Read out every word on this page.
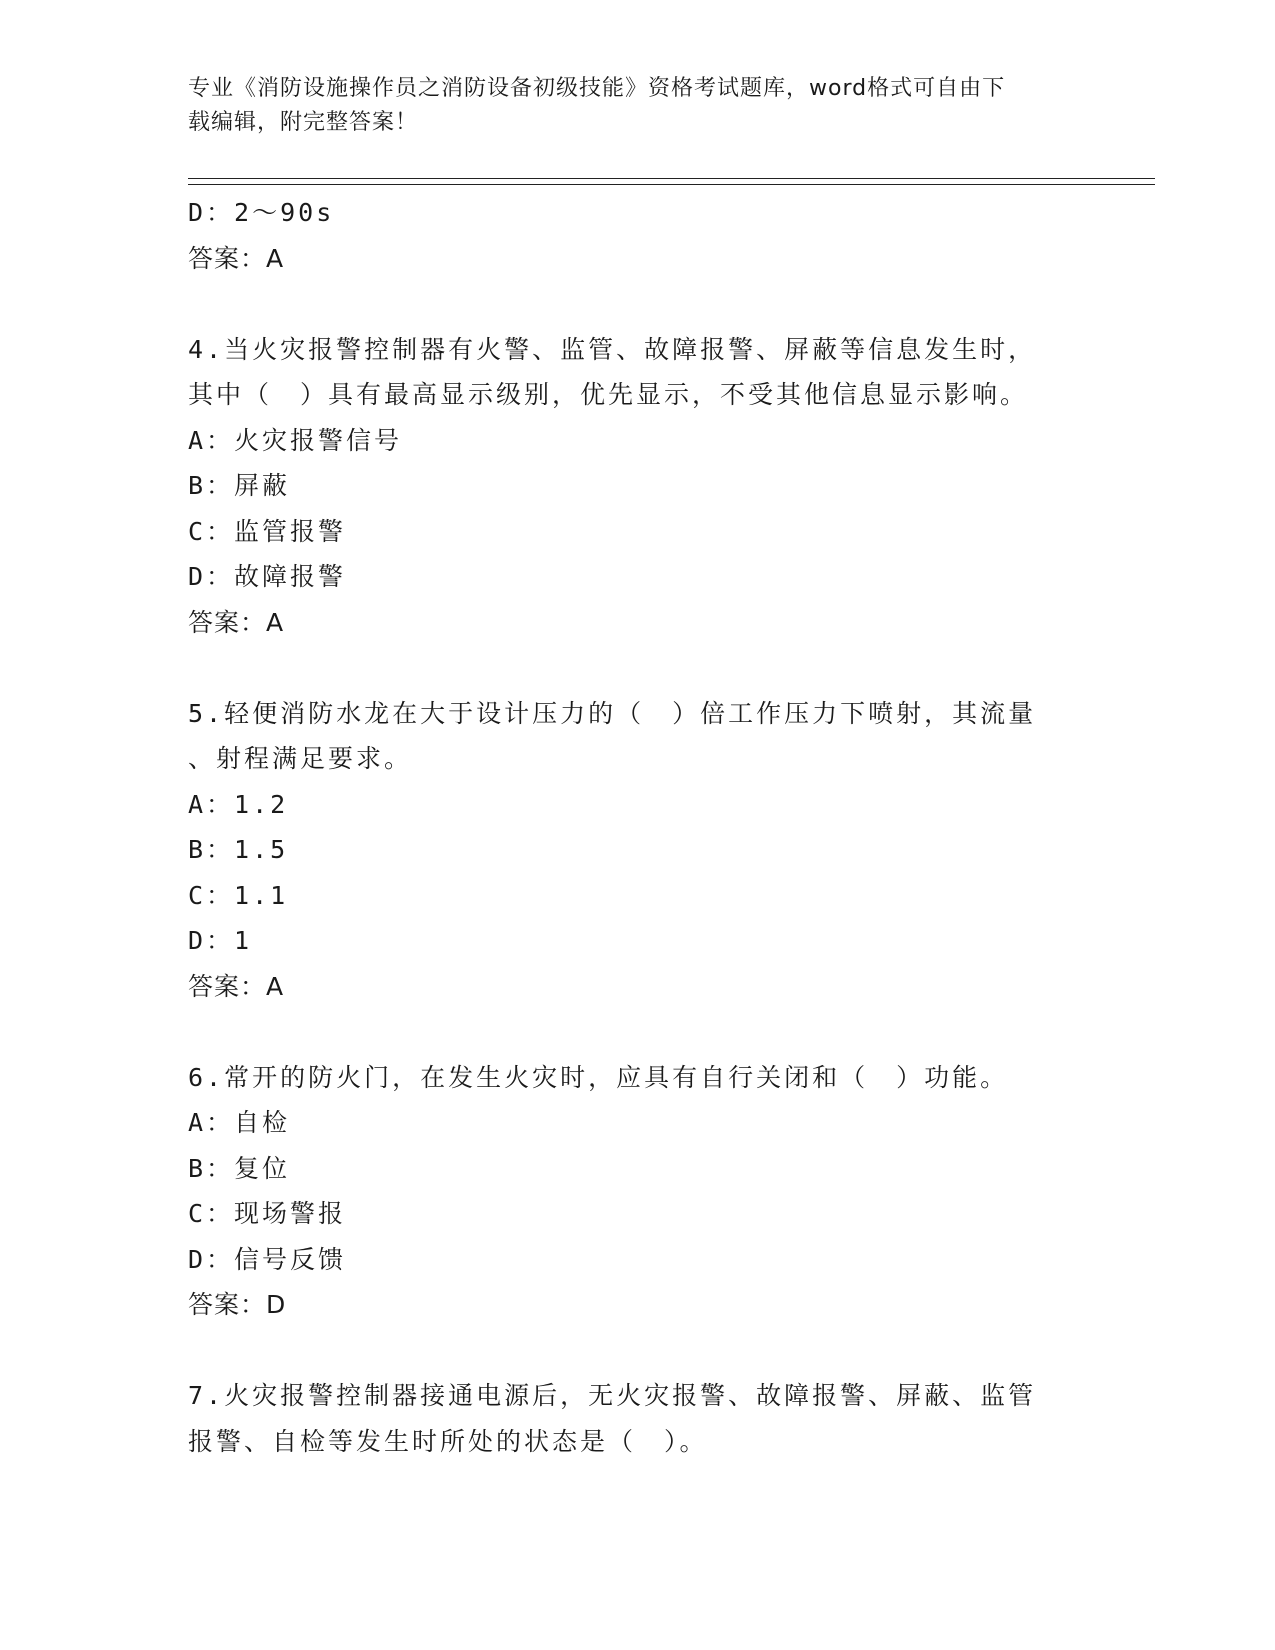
专业《消防设施操作员之消防设备初级技能》资格考试题库，word格式可自由下
载编辑，附完整答案！
D：2～90s
答案：A
4.当火灾报警控制器有火警、监管、故障报警、屏蔽等信息发生时，
其中（　）具有最高显示级别，优先显示，不受其他信息显示影响。
A：火灾报警信号
B：屏蔽
C：监管报警
D：故障报警
答案：A
5.轻便消防水龙在大于设计压力的（　）倍工作压力下喷射，其流量
、射程满足要求。
A：1.2
B：1.5
C：1.1
D：1
答案：A
6.常开的防火门，在发生火灾时，应具有自行关闭和（　）功能。
A：自检
B：复位
C：现场警报
D：信号反馈
答案：D
7.火灾报警控制器接通电源后，无火灾报警、故障报警、屏蔽、监管
报警、自检等发生时所处的状态是（　）。
